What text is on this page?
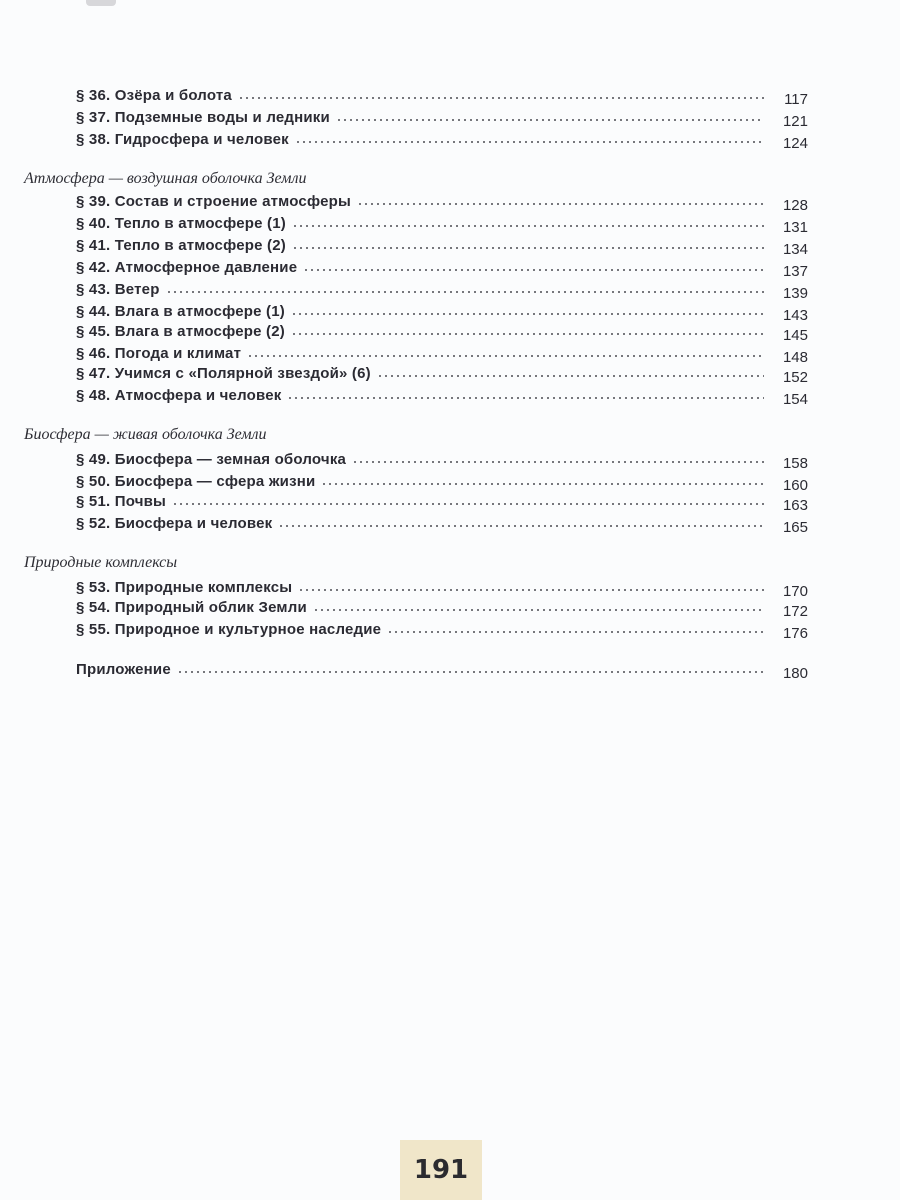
§ 36. Озёра и болота	117
§ 37. Подземные воды и ледники	121
§ 38. Гидросфера и человек	124
Атмосфера — воздушная оболочка Земли
§ 39. Состав и строение атмосферы	128
§ 40. Тепло в атмосфере (1)	131
§ 41. Тепло в атмосфере (2)	134
§ 42. Атмосферное давление	137
§ 43. Ветер	139
§ 44. Влага в атмосфере (1)	143
§ 45. Влага в атмосфере (2)	145
§ 46. Погода и климат	148
§ 47. Учимся с «Полярной звездой» (6)	152
§ 48. Атмосфера и человек	154
Биосфера — живая оболочка Земли
§ 49. Биосфера — земная оболочка	158
§ 50. Биосфера — сфера жизни	160
§ 51. Почвы	163
§ 52. Биосфера и человек	165
Природные комплексы
§ 53. Природные комплексы	170
§ 54. Природный облик Земли	172
§ 55. Природное и культурное наследие	176
Приложение	180
191
